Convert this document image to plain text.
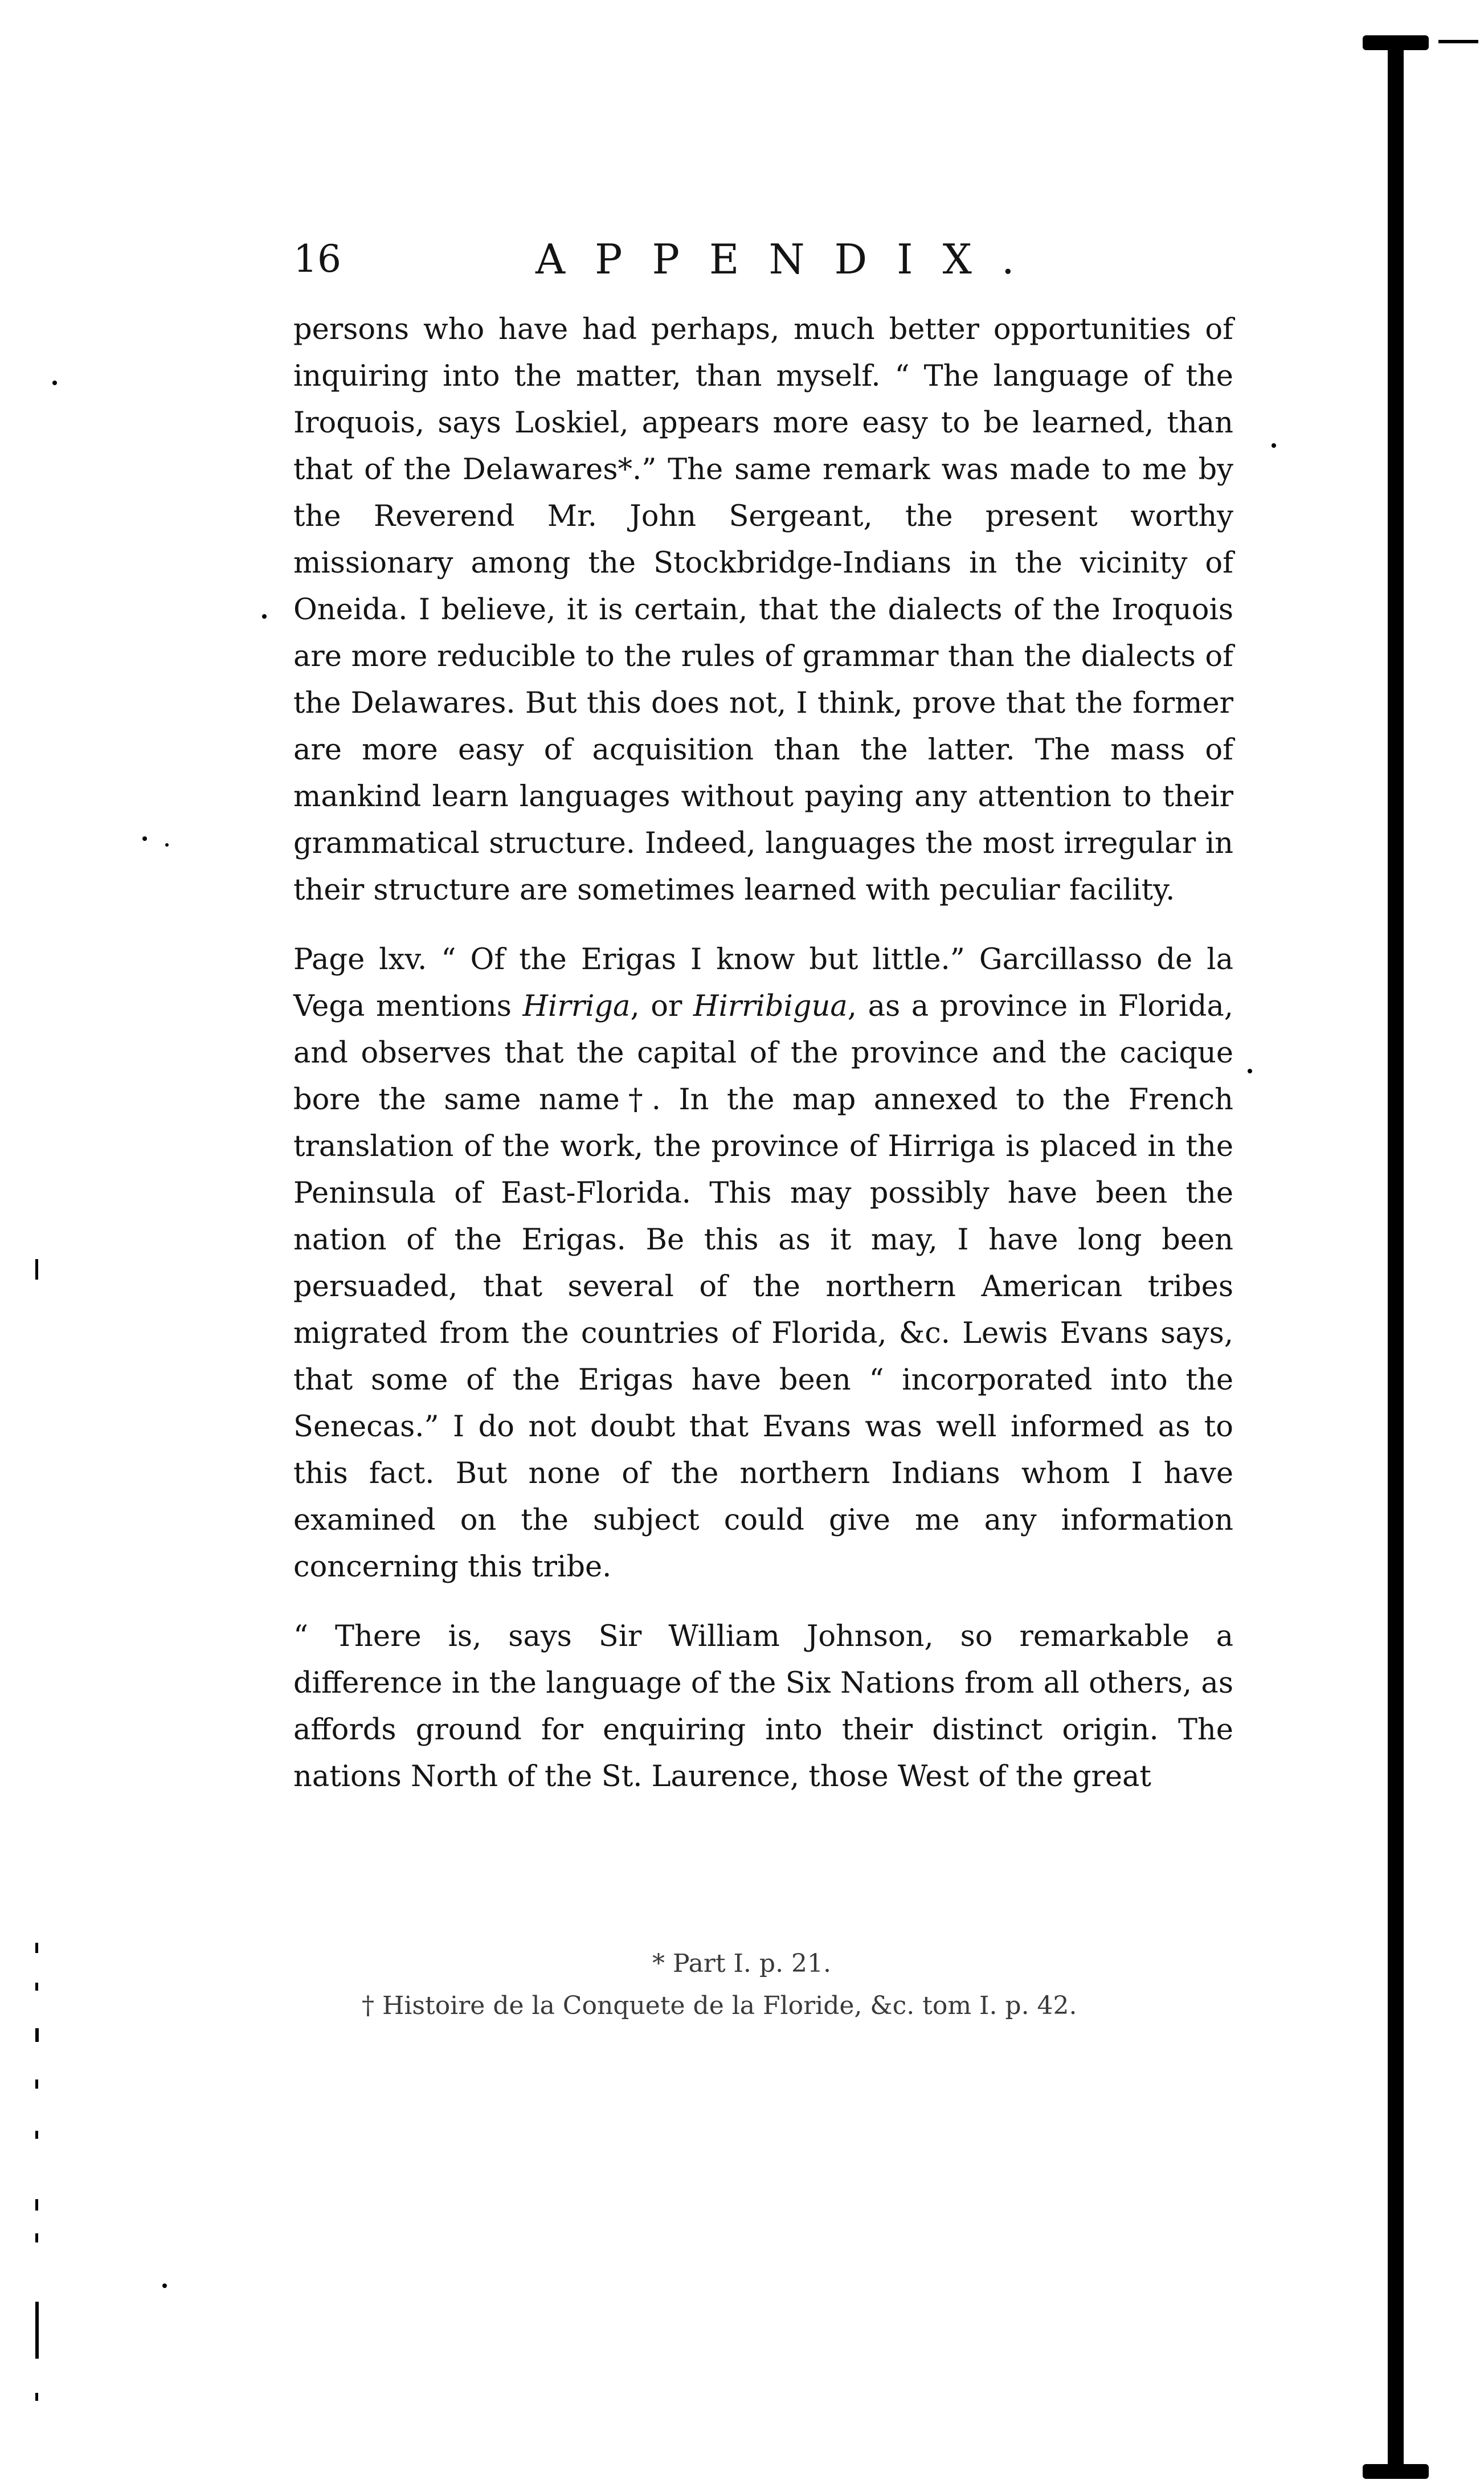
16	APPENDIX.

persons who have had perhaps, much better opportunities of inquiring into the matter, than myself. “ The language of the Iroquois, says Loskiel, appears more easy to be learned, than that of the Delawares*.” The same remark was made to me by the Reverend Mr. John Sergeant, the present worthy missionary among the Stockbridge-Indians in the vicinity of Oneida. I believe, it is certain, that the dialects of the Iroquois are more reducible to the rules of grammar than the dialects of the Delawares. But this does not, I think, prove that the former are more easy of acquisition than the latter. The mass of mankind learn languages without paying any attention to their grammatical structure. Indeed, languages the most irregular in their structure are sometimes learned with peculiar facility.

Page lxv. “ Of the Erigas I know but little.” Garcillasso de la Vega mentions Hirriga, or Hirribigua, as a province in Florida, and observes that the capital of the province and the cacique bore the same name†. In the map annexed to the French translation of the work, the province of Hirriga is placed in the Peninsula of East-Florida. This may possibly have been the nation of the Erigas. Be this as it may, I have long been persuaded, that several of the northern American tribes migrated from the countries of Florida, &c. Lewis Evans says, that some of the Erigas have been “ incorporated into the Senecas.” I do not doubt that Evans was well informed as to this fact. But none of the northern Indians whom I have examined on the subject could give me any information concerning this tribe.

“ There is, says Sir William Johnson, so remarkable a difference in the language of the Six Nations from all others, as affords ground for enquiring into their distinct origin. The nations North of the St. Laurence, those West of the great

* Part I. p. 21.

† Histoire de la Conquete de la Floride, &c. tom I. p. 42.
